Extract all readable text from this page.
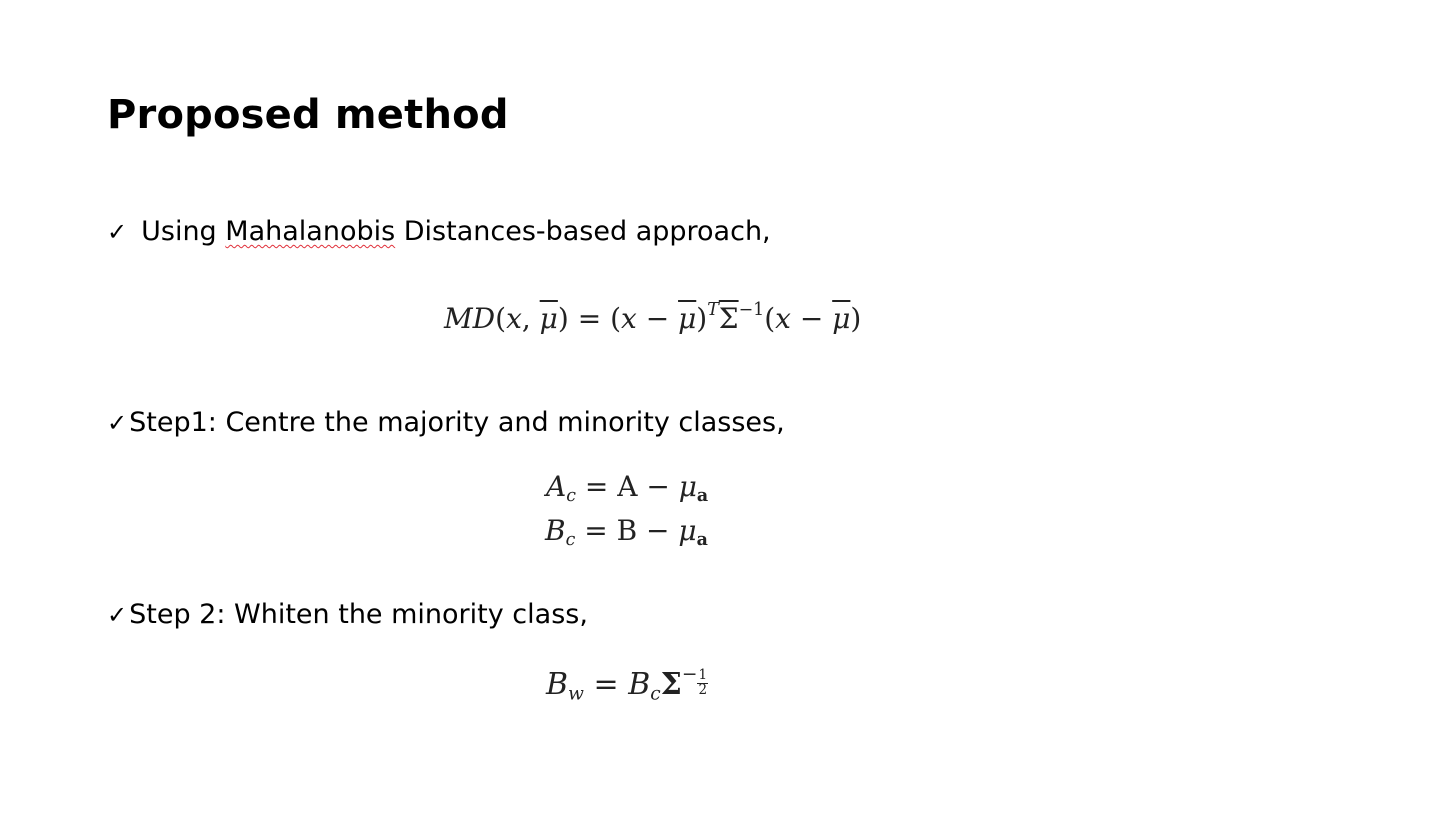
Proposed method
✓ Using Mahalanobis Distances-based approach,
MD(x, $\overline{\mu}) = (x - \overline{\mu})^T\overline{\Sigma}^{-1}(x - \overline{\mu})$
✓ Step1: Centre the majority and minority classes,
$A_c = A - \mu_a$
$B_c = B - \mu_a$
✓ Step 2: Whiten the minority class,
$B_w = B_c\Sigma^- \frac{1}{2}$
